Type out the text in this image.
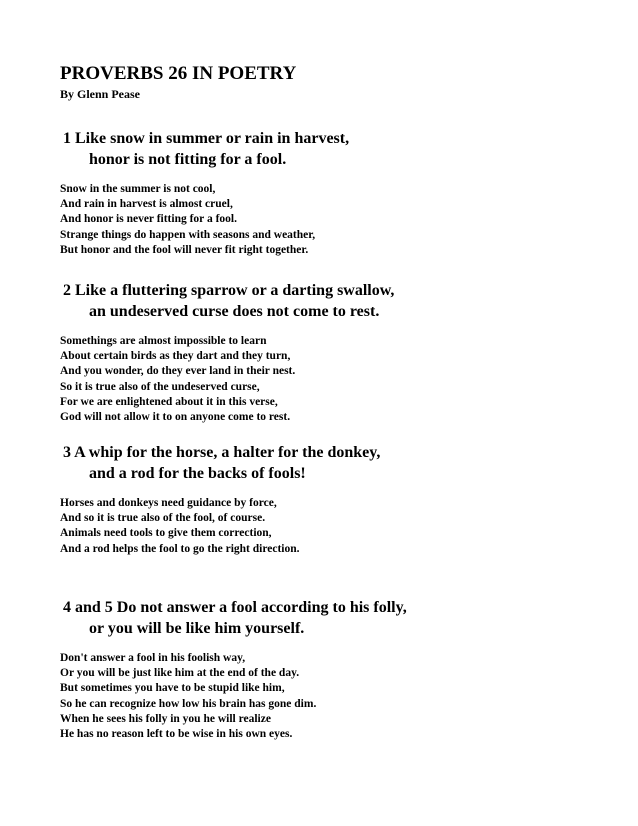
PROVERBS 26 IN POETRY
By Glenn Pease
1 Like snow in summer or rain in harvest,
honor is not fitting for a fool.
Snow in the summer is not cool,
And rain in harvest is almost cruel,
And honor is never fitting for a fool.
Strange things do happen with seasons and weather,
But honor and the fool will never fit right together.
2 Like a fluttering sparrow or a darting swallow,
an undeserved curse does not come to rest.
Somethings are almost impossible to learn
About certain birds as they dart and they turn,
And you wonder, do they ever land in their nest.
So it is true also of the undeserved curse,
For we are enlightened about it in this verse,
God will not allow it to on anyone come to rest.
3 A whip for the horse, a halter for the donkey,
and a rod for the backs of fools!
Horses and donkeys need guidance by force,
And so it is true also of the fool, of course.
Animals need tools to give them correction,
And a rod helps the fool to go the right direction.
4 and 5 Do not answer a fool according to his folly,
or you will be like him yourself.
Don't answer a fool in his foolish way,
Or you will be just like him at the end of the day.
But sometimes you have to be stupid like him,
So he can recognize how low his brain has gone dim.
When he sees his folly in you he will realize
He has no reason left to be wise in his own eyes.
